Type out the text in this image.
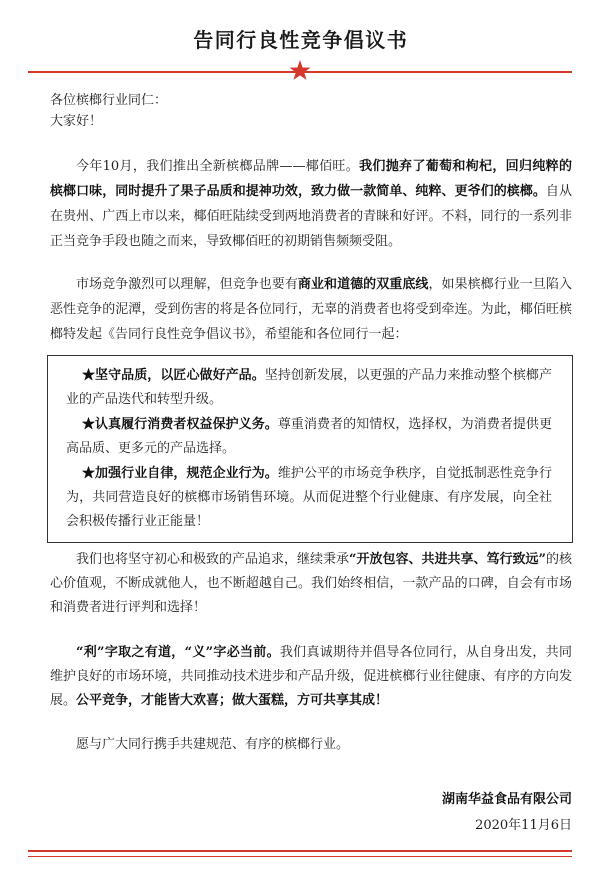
告同行良性竞争倡议书

各位槟榔行业同仁：

大家好！

今年10月，我们推出全新槟榔品牌——椰佰旺。我们抛弃了葡萄和枸杞，回归纯粹的槟榔口味，同时提升了果子品质和提神功效，致力做一款简单、纯粹、更爷们的槟榔。自从在贵州、广西上市以来，椰佰旺陆续受到两地消费者的青睐和好评。不料，同行的一系列非正当竞争手段也随之而来，导致椰佰旺的初期销售频频受阻。

市场竞争激烈可以理解，但竞争也要有商业和道德的双重底线，如果槟榔行业一旦陷入恶性竞争的泥潭，受到伤害的将是各位同行，无辜的消费者也将受到牵连。为此，椰佰旺槟榔特发起《告同行良性竞争倡议书》，希望能和各位同行一起：

★坚守品质，以匠心做好产品。坚持创新发展，以更强的产品力来推动整个槟榔产业的产品迭代和转型升级。

★认真履行消费者权益保护义务。尊重消费者的知情权，选择权，为消费者提供更高品质、更多元的产品选择。

★加强行业自律，规范企业行为。维护公平的市场竞争秩序，自觉抵制恶性竞争行为，共同营造良好的槟榔市场销售环境。从而促进整个行业健康、有序发展，向全社会积极传播行业正能量！

我们也将坚守初心和极致的产品追求，继续秉承“开放包容、共进共享、笃行致远”的核心价值观，不断成就他人，也不断超越自己。我们始终相信，一款产品的口碑，自会有市场和消费者进行评判和选择！

“利”字取之有道，“义”字必当前。我们真诚期待并倡导各位同行，从自身出发，共同维护良好的市场环境，共同推动技术进步和产品升级，促进槟榔行业往健康、有序的方向发展。公平竞争，才能皆大欢喜；做大蛋糕，方可共享其成！

愿与广大同行携手共建规范、有序的槟榔行业。

湖南华益食品有限公司
2020年11月6日
